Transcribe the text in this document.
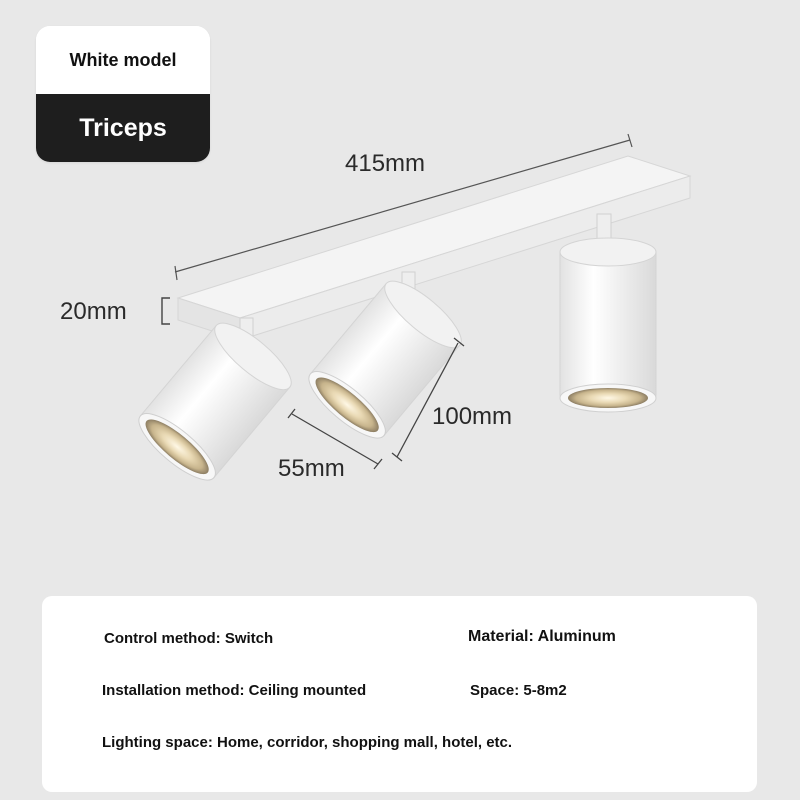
White model
Triceps
415mm
20mm
100mm
55mm
Control method: Switch	Material: Aluminum
Installation method: Ceiling mounted	Space: 5-8m2
Lighting space: Home, corridor, shopping mall, hotel, etc.
